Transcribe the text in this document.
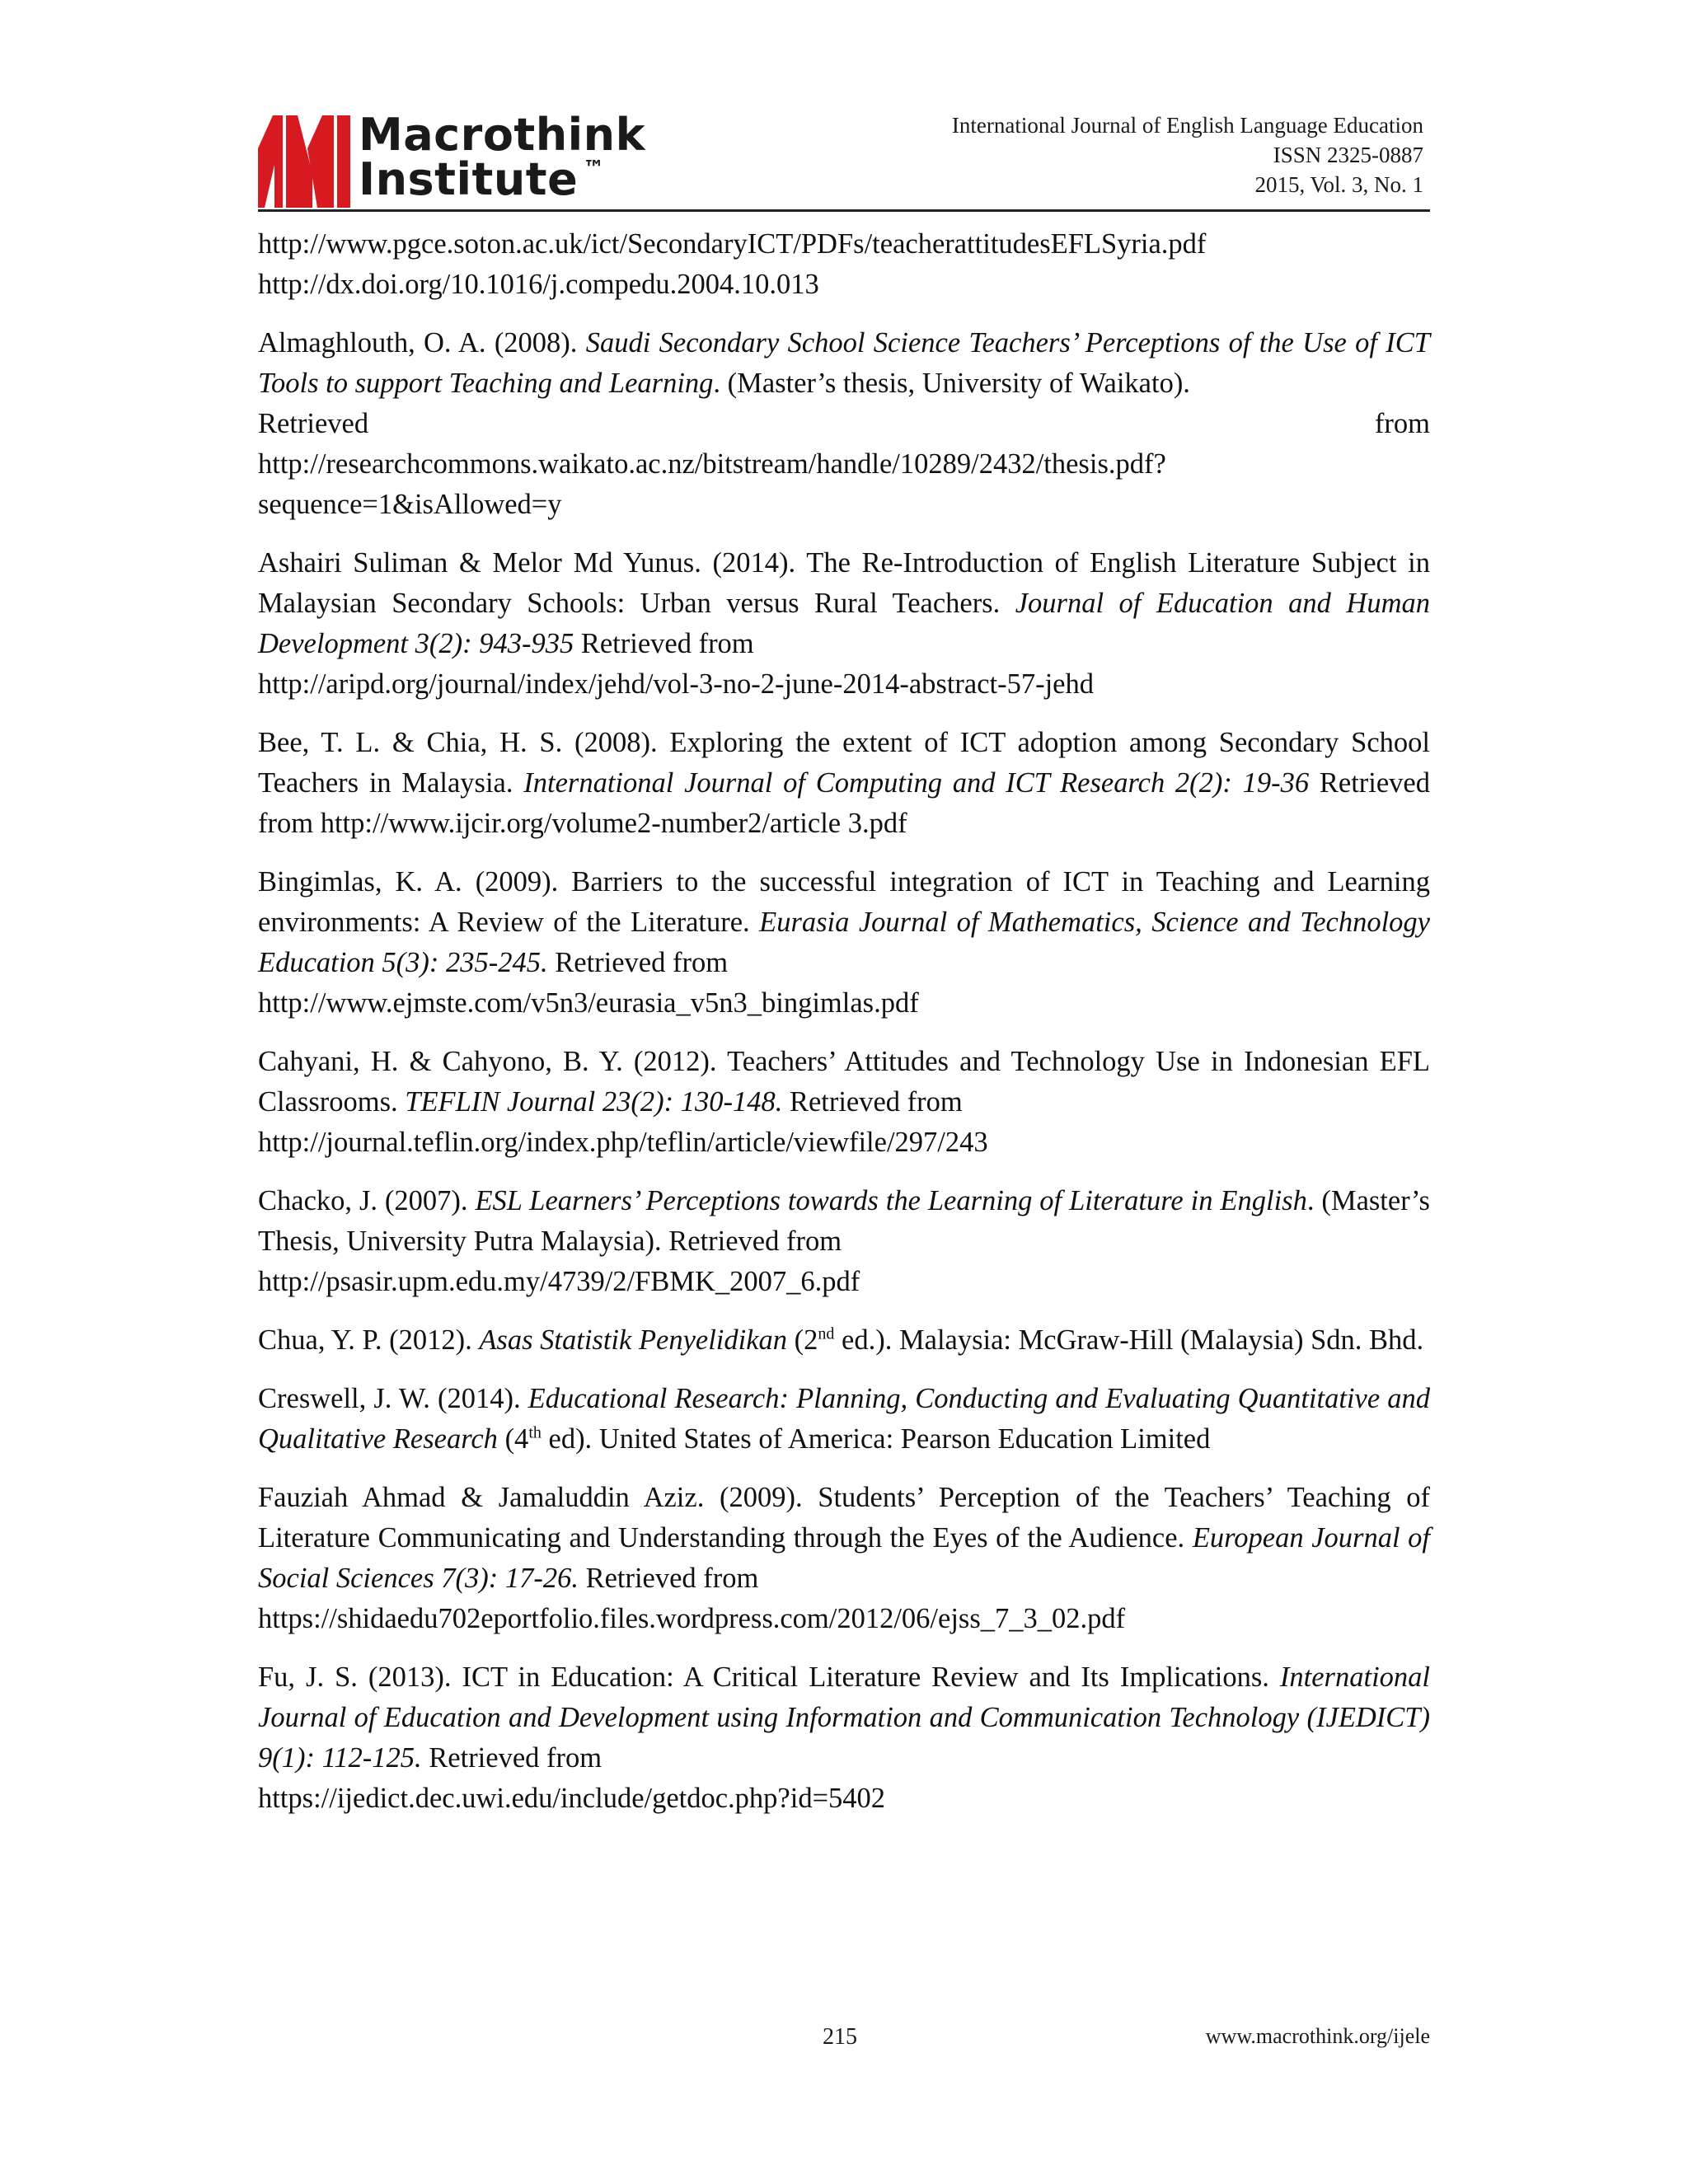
Macrothink
Institute ™
International Journal of English Language Education
ISSN 2325-0887
2015, Vol. 3, No. 1
http://www.pgce.soton.ac.uk/ict/SecondaryICT/PDFs/teacherattitudesEFLSyria.pdf
http://dx.doi.org/10.1016/j.compedu.2004.10.013
Almaghlouth, O. A. (2008). Saudi Secondary School Science Teachers’ Perceptions of the Use of ICT Tools to support Teaching and Learning. (Master’s thesis, University of Waikato).
Retrieved	from
http://researchcommons.waikato.ac.nz/bitstream/handle/10289/2432/thesis.pdf?sequence=1&isAllowed=y
Ashairi Suliman & Melor Md Yunus. (2014). The Re-Introduction of English Literature Subject in Malaysian Secondary Schools: Urban versus Rural Teachers. Journal of Education and Human Development 3(2): 943-935 Retrieved from
http://aripd.org/journal/index/jehd/vol-3-no-2-june-2014-abstract-57-jehd
Bee, T. L. & Chia, H. S. (2008). Exploring the extent of ICT adoption among Secondary School Teachers in Malaysia. International Journal of Computing and ICT Research 2(2): 19-36 Retrieved from http://www.ijcir.org/volume2-number2/article 3.pdf
Bingimlas, K. A. (2009). Barriers to the successful integration of ICT in Teaching and Learning environments: A Review of the Literature. Eurasia Journal of Mathematics, Science and Technology Education 5(3): 235-245. Retrieved from
http://www.ejmste.com/v5n3/eurasia_v5n3_bingimlas.pdf
Cahyani, H. & Cahyono, B. Y. (2012). Teachers’ Attitudes and Technology Use in Indonesian EFL Classrooms. TEFLIN Journal 23(2): 130-148. Retrieved from
http://journal.teflin.org/index.php/teflin/article/viewfile/297/243
Chacko, J. (2007). ESL Learners’ Perceptions towards the Learning of Literature in English. (Master’s Thesis, University Putra Malaysia). Retrieved from
http://psasir.upm.edu.my/4739/2/FBMK_2007_6.pdf
Chua, Y. P. (2012). Asas Statistik Penyelidikan (2nd ed.). Malaysia: McGraw-Hill (Malaysia) Sdn. Bhd.
Creswell, J. W. (2014). Educational Research: Planning, Conducting and Evaluating Quantitative and Qualitative Research (4th ed). United States of America: Pearson Education Limited
Fauziah Ahmad & Jamaluddin Aziz. (2009). Students’ Perception of the Teachers’ Teaching of Literature Communicating and Understanding through the Eyes of the Audience. European Journal of Social Sciences 7(3): 17-26. Retrieved from
https://shidaedu702eportfolio.files.wordpress.com/2012/06/ejss_7_3_02.pdf
Fu, J. S. (2013). ICT in Education: A Critical Literature Review and Its Implications. International Journal of Education and Development using Information and Communication Technology (IJEDICT) 9(1): 112-125. Retrieved from
https://ijedict.dec.uwi.edu/include/getdoc.php?id=5402
215	www.macrothink.org/ijele
